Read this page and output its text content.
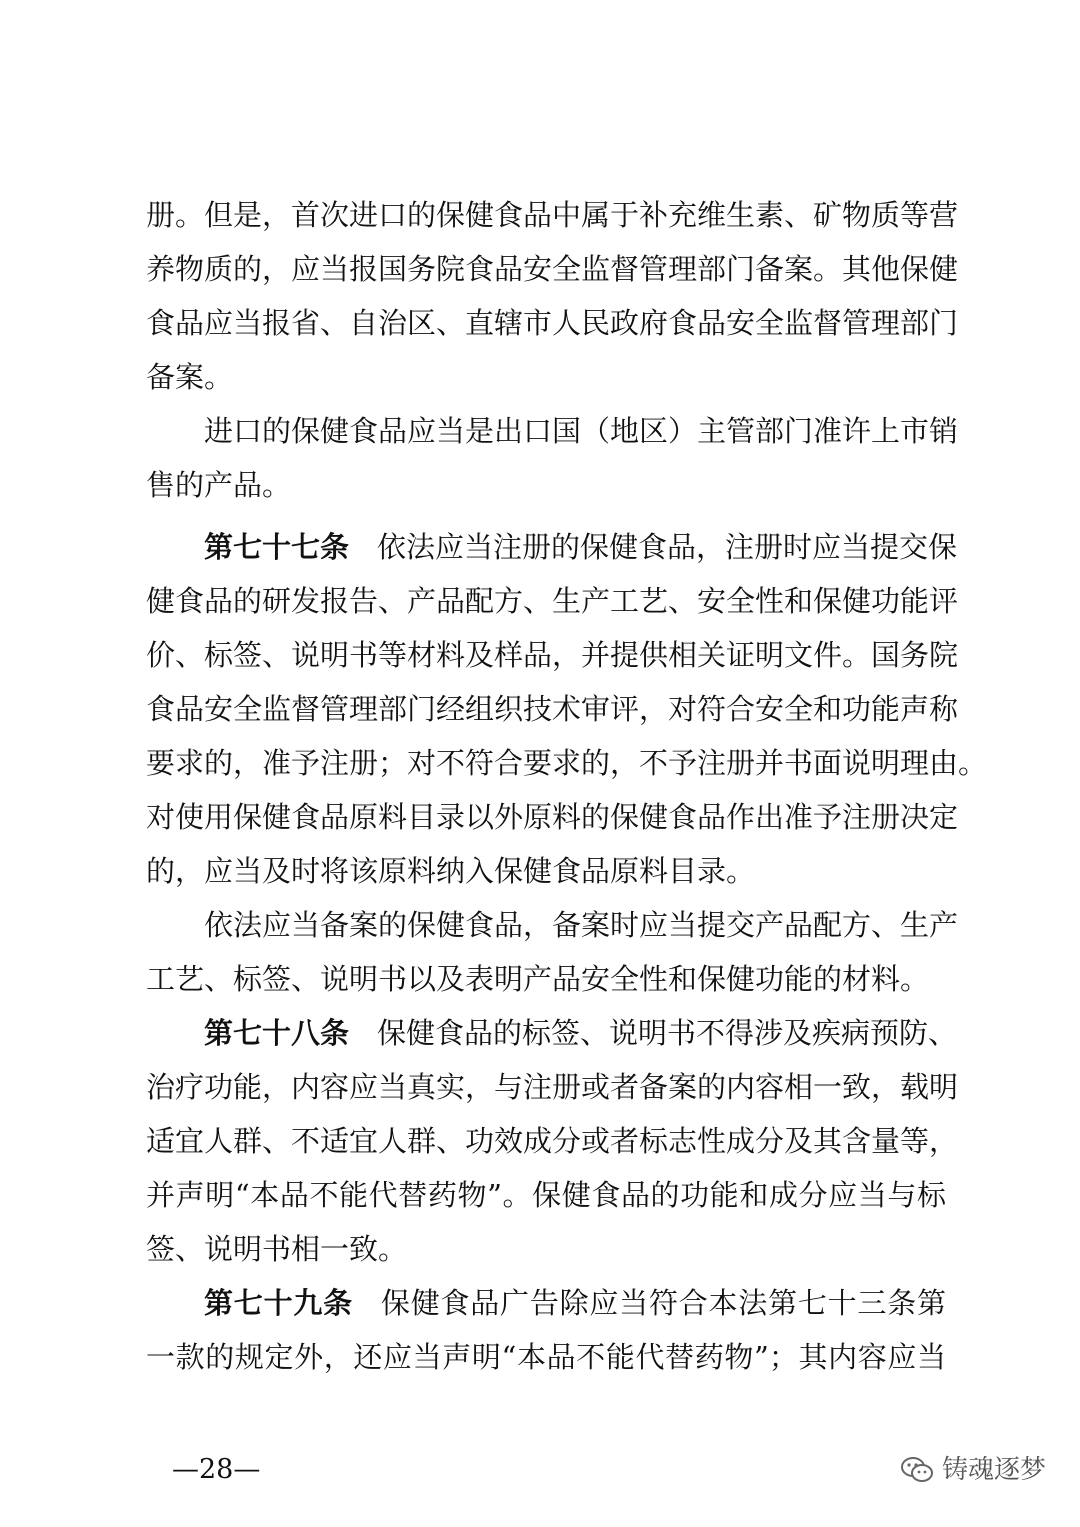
册。但是，首次进口的保健食品中属于补充维生素、矿物质等营
养物质的，应当报国务院食品安全监督管理部门备案。其他保健
食品应当报省、自治区、直辖市人民政府食品安全监督管理部门
备案。
进口的保健食品应当是出口国（地区）主管部门准许上市销
售的产品。
第七十七条 依法应当注册的保健食品，注册时应当提交保
健食品的研发报告、产品配方、生产工艺、安全性和保健功能评
价、标签、说明书等材料及样品，并提供相关证明文件。国务院
食品安全监督管理部门经组织技术审评，对符合安全和功能声称
要求的，准予注册；对不符合要求的，不予注册并书面说明理由。
对使用保健食品原料目录以外原料的保健食品作出准予注册决定
的，应当及时将该原料纳入保健食品原料目录。
依法应当备案的保健食品，备案时应当提交产品配方、生产
工艺、标签、说明书以及表明产品安全性和保健功能的材料。
第七十八条 保健食品的标签、说明书不得涉及疾病预防、
治疗功能，内容应当真实，与注册或者备案的内容相一致，载明
适宜人群、不适宜人群、功效成分或者标志性成分及其含量等，
并声明“本品不能代替药物”。保健食品的功能和成分应当与标
签、说明书相一致。
第七十九条 保健食品广告除应当符合本法第七十三条第
一款的规定外，还应当声明“本品不能代替药物”；其内容应当
—28—	铸魂逐梦
